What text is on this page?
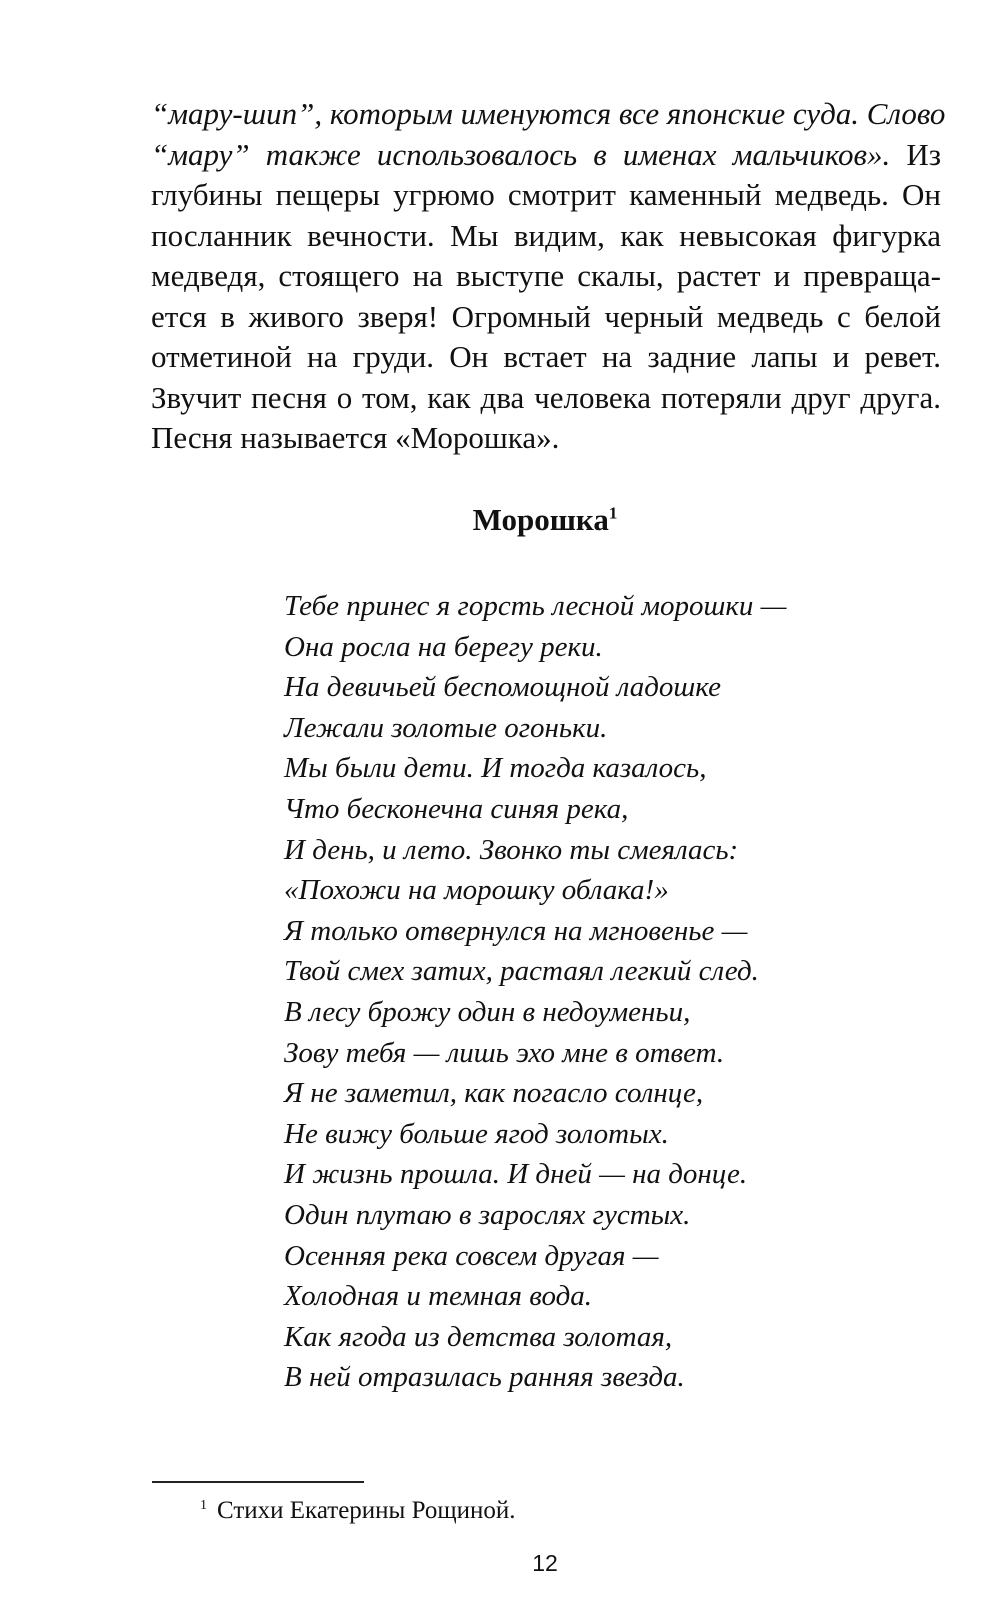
“мару-шип”, которым именуются все японские суда. Слово
“мару” также использовалось в именах мальчиков». Из
глубины пещеры угрюмо смотрит каменный медведь. Он
посланник вечности. Мы видим, как невысокая фигурка
медведя, стоящего на выступе скалы, растет и превраща-
ется в живого зверя! Огромный черный медведь с белой
отметиной на груди. Он встает на задние лапы и ревет.
Звучит песня о том, как два человека потеряли друг друга.
Песня называется «Морошка».
Морошка$^1$
Тебе принес я горсть лесной морошки —
Она росла на берегу реки.
На девичьей беспомощной ладошке
Лежали золотые огоньки.
Мы были дети. И тогда казалось,
Что бесконечна синяя река,
И день, и лето. Звонко ты смеялась:
«Похожи на морошку облака!»
Я только отвернулся на мгновенье —
Твой смех затих, растаял легкий след.
В лесу брожу один в недоуменьи,
Зову тебя — лишь эхо мне в ответ.
Я не заметил, как погасло солнце,
Не вижу больше ягод золотых.
И жизнь прошла. И дней — на донце.
Один плутаю в зарослях густых.
Осенняя река совсем другая —
Холодная и темная вода.
Как ягода из детства золотая,
В ней отразилась ранняя звезда.
$^1$ Стихи Екатерины Рощиной.
12
